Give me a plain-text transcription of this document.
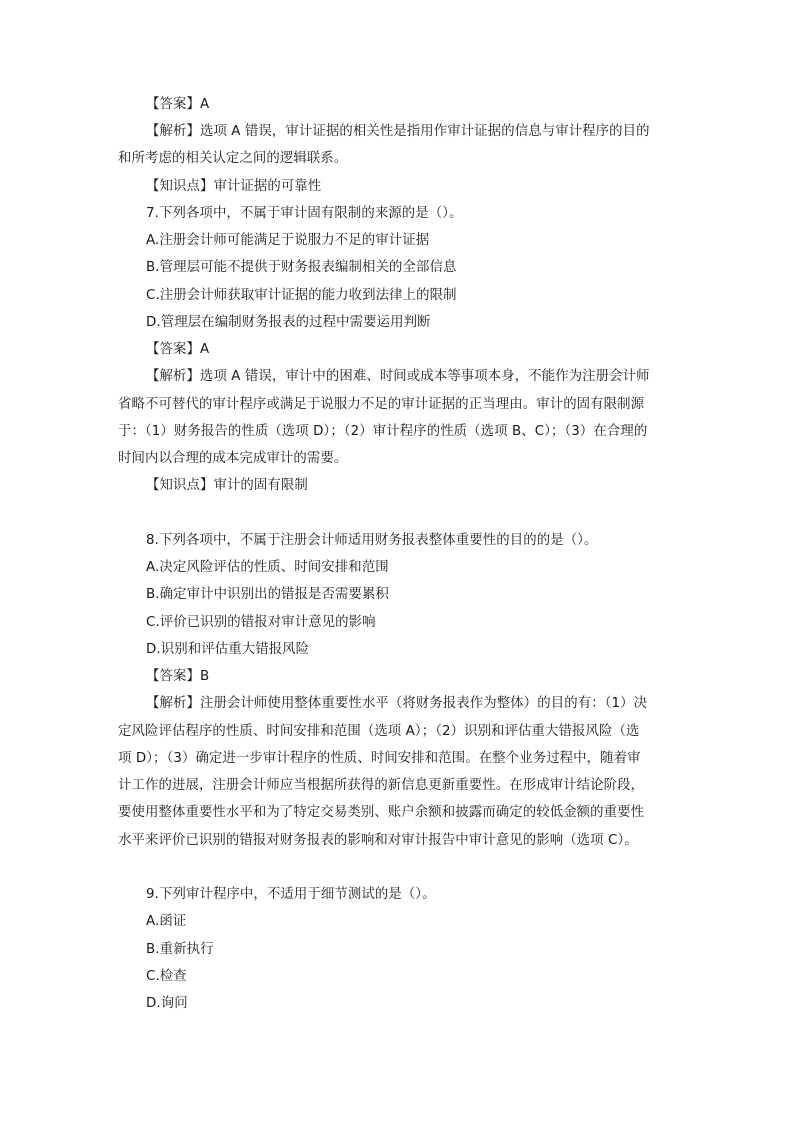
【答案】A

【解析】选项 A 错误，审计证据的相关性是指用作审计证据的信息与审计程序的目的

和所考虑的相关认定之间的逻辑联系。

【知识点】审计证据的可靠性

7.下列各项中，不属于审计固有限制的来源的是（）。

A.注册会计师可能满足于说服力不足的审计证据

B.管理层可能不提供于财务报表编制相关的全部信息

C.注册会计师获取审计证据的能力收到法律上的限制

D.管理层在编制财务报表的过程中需要运用判断

【答案】A

【解析】选项 A 错误，审计中的困难、时间或成本等事项本身，不能作为注册会计师

省略不可替代的审计程序或满足于说服力不足的审计证据的正当理由。审计的固有限制源

于：（1）财务报告的性质（选项 D）；（2）审计程序的性质（选项 B、C）；（3）在合理的

时间内以合理的成本完成审计的需要。

【知识点】审计的固有限制

8.下列各项中，不属于注册会计师适用财务报表整体重要性的目的的是（）。

A.决定风险评估的性质、时间安排和范围

B.确定审计中识别出的错报是否需要累积

C.评价已识别的错报对审计意见的影响

D.识别和评估重大错报风险

【答案】B

【解析】注册会计师使用整体重要性水平（将财务报表作为整体）的目的有：（1）决

定风险评估程序的性质、时间安排和范围（选项 A）；（2）识别和评估重大错报风险（选

项 D）；（3）确定进一步审计程序的性质、时间安排和范围。在整个业务过程中，随着审

计工作的进展，注册会计师应当根据所获得的新信息更新重要性。在形成审计结论阶段，

要使用整体重要性水平和为了特定交易类别、账户余额和披露而确定的较低金额的重要性

水平来评价已识别的错报对财务报表的影响和对审计报告中审计意见的影响（选项 C）。

9.下列审计程序中，不适用于细节测试的是（）。

A.函证

B.重新执行

C.检查

D.询问
